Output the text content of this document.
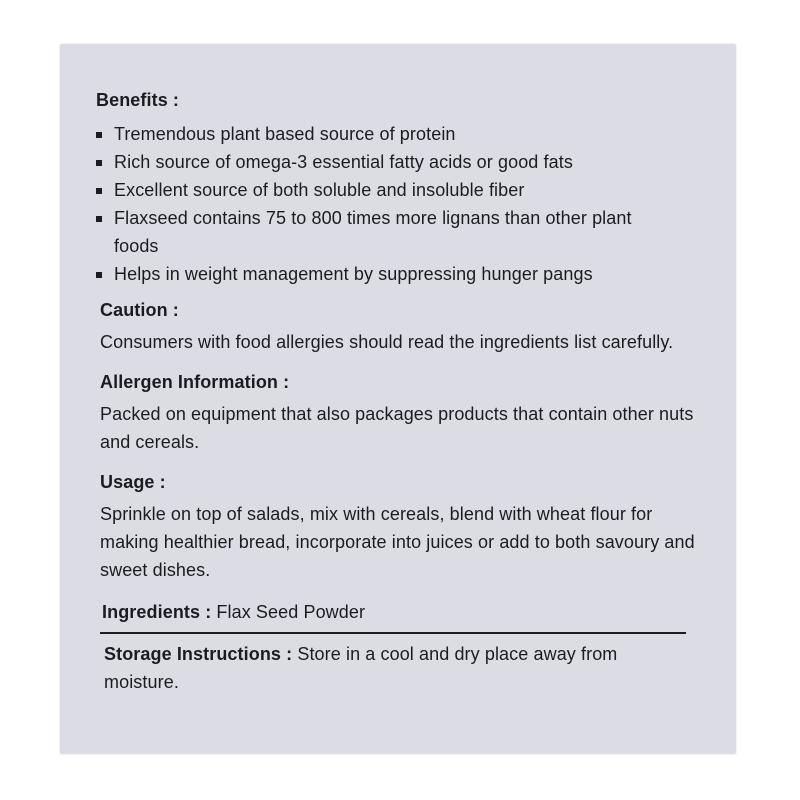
Benefits :
Tremendous plant based source of protein
Rich source of omega-3 essential fatty acids or good fats
Excellent source of both soluble and insoluble fiber
Flaxseed contains 75 to 800 times more lignans than other plant foods
Helps in weight management by suppressing hunger pangs
Caution :

Consumers with food allergies should read the ingredients list carefully.

Allergen Information :

Packed on equipment that also packages products that contain other nuts and cereals.

Usage :

Sprinkle on top of salads, mix with cereals, blend with wheat flour for making healthier bread, incorporate into juices or add to both savoury and sweet dishes.

Ingredients : Flax Seed Powder
Storage Instructions : Store in a cool and dry place away from moisture.
